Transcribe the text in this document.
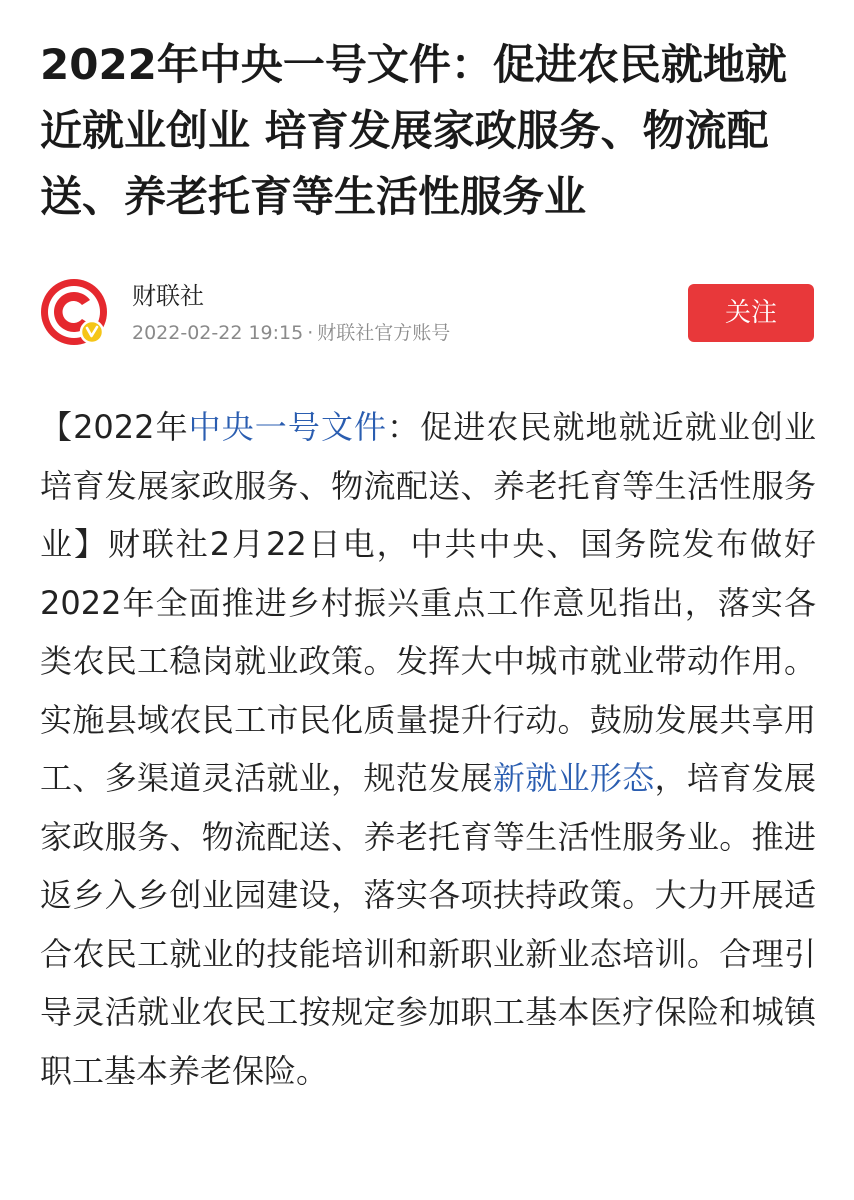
2022年中央一号文件：促进农民就地就近就业创业 培育发展家政服务、物流配送、养老托育等生活性服务业
财联社
2022-02-22 19:15 · 财联社官方账号
关注

【2022年中央一号文件：促进农民就地就近就业创业 培育发展家政服务、物流配送、养老托育等生活性服务业】财联社2月22日电，中共中央、国务院发布做好2022年全面推进乡村振兴重点工作意见指出，落实各类农民工稳岗就业政策。发挥大中城市就业带动作用。实施县域农民工市民化质量提升行动。鼓励发展共享用工、多渠道灵活就业，规范发展新就业形态，培育发展家政服务、物流配送、养老托育等生活性服务业。推进返乡入乡创业园建设，落实各项扶持政策。大力开展适合农民工就业的技能培训和新职业新业态培训。合理引导灵活就业农民工按规定参加职工基本医疗保险和城镇职工基本养老保险。
